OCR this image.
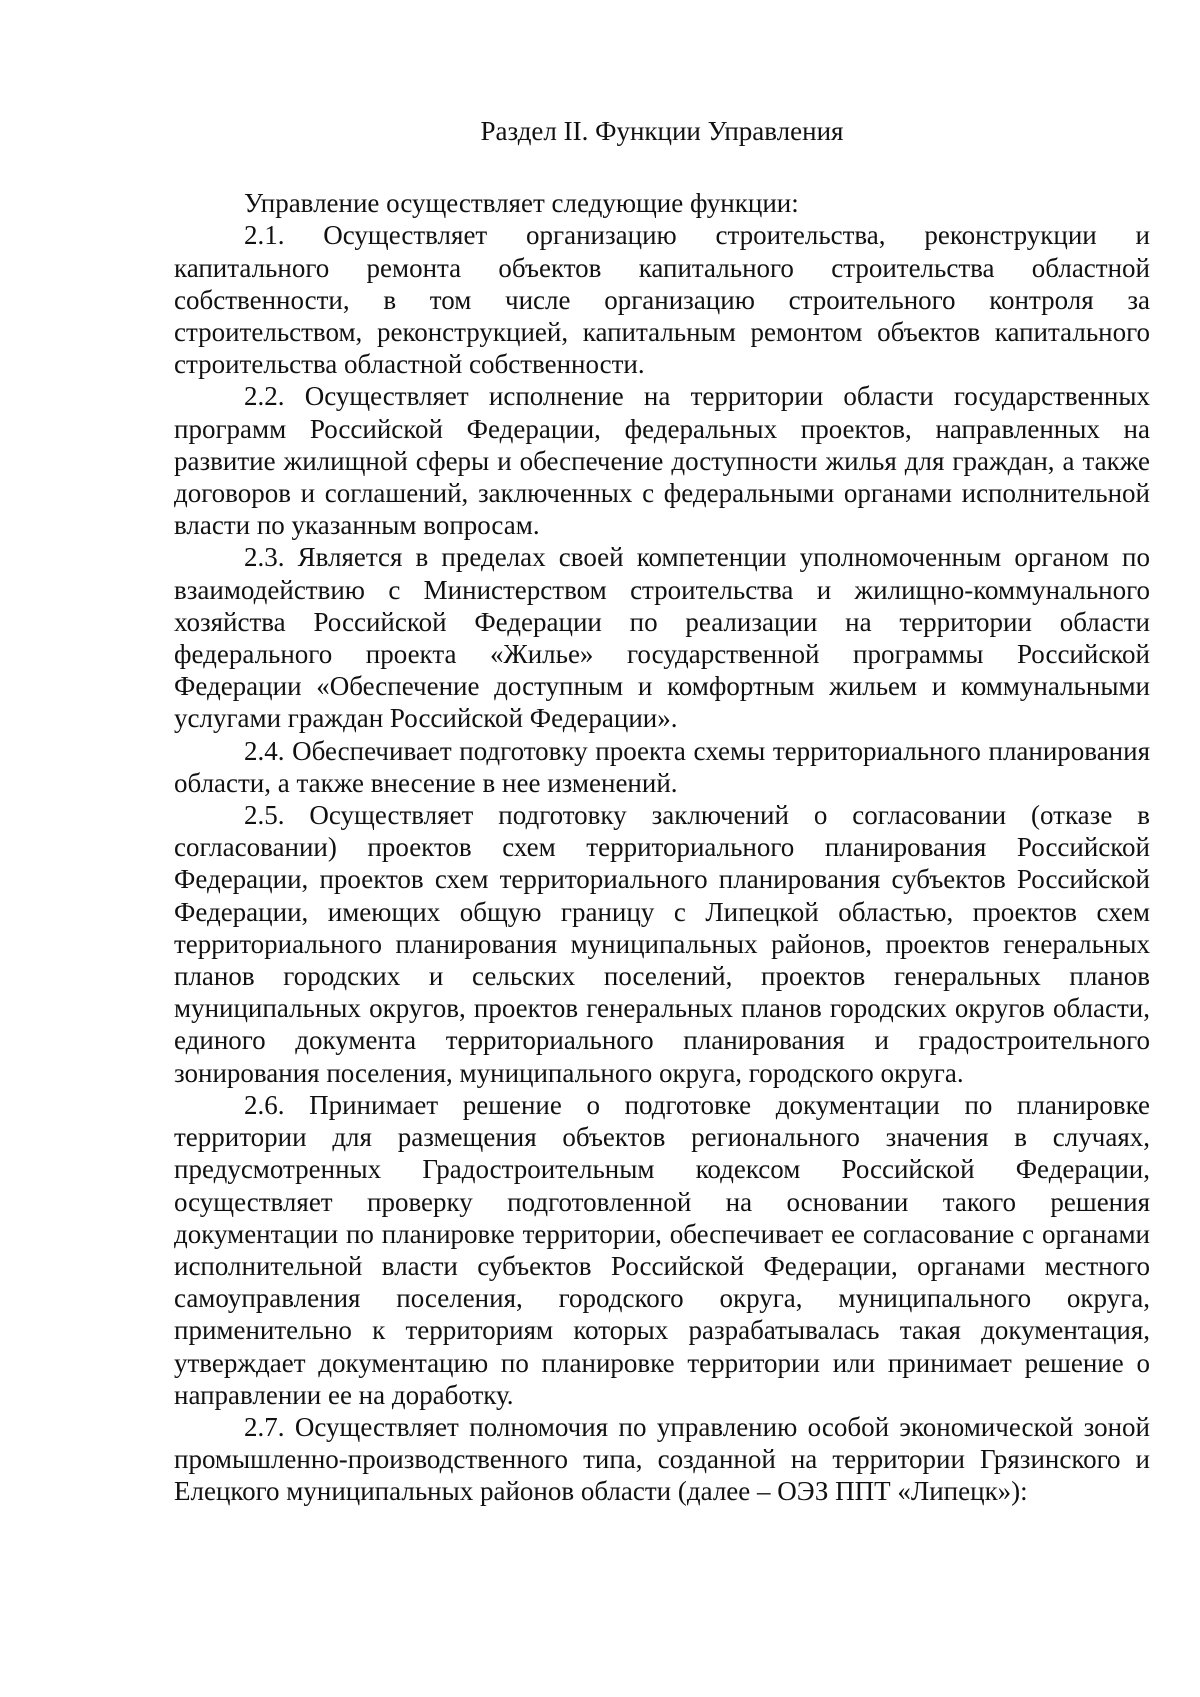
Раздел II. Функции Управления

Управление осуществляет следующие функции:

2.1. Осуществляет организацию строительства, реконструкции и капитального ремонта объектов капитального строительства областной собственности, в том числе организацию строительного контроля за строительством, реконструкцией, капитальным ремонтом объектов капитального строительства областной собственности.

2.2. Осуществляет исполнение на территории области государственных программ Российской Федерации, федеральных проектов, направленных на развитие жилищной сферы и обеспечение доступности жилья для граждан, а также договоров и соглашений, заключенных с федеральными органами исполнительной власти по указанным вопросам.

2.3. Является в пределах своей компетенции уполномоченным органом по взаимодействию с Министерством строительства и жилищно-коммунального хозяйства Российской Федерации по реализации на территории области федерального проекта «Жилье» государственной программы Российской Федерации «Обеспечение доступным и комфортным жильем и коммунальными услугами граждан Российской Федерации».

2.4. Обеспечивает подготовку проекта схемы территориального планирования области, а также внесение в нее изменений.

2.5. Осуществляет подготовку заключений о согласовании (отказе в согласовании) проектов схем территориального планирования Российской Федерации, проектов схем территориального планирования субъектов Российской Федерации, имеющих общую границу с Липецкой областью, проектов схем территориального планирования муниципальных районов, проектов генеральных планов городских и сельских поселений, проектов генеральных планов муниципальных округов, проектов генеральных планов городских округов области, единого документа территориального планирования и градостроительного зонирования поселения, муниципального округа, городского округа.

2.6. Принимает решение о подготовке документации по планировке территории для размещения объектов регионального значения в случаях, предусмотренных Градостроительным кодексом Российской Федерации, осуществляет проверку подготовленной на основании такого решения документации по планировке территории, обеспечивает ее согласование с органами исполнительной власти субъектов Российской Федерации, органами местного самоуправления поселения, городского округа, муниципального округа, применительно к территориям которых разрабатывалась такая документация, утверждает документацию по планировке территории или принимает решение о направлении ее на доработку.

2.7. Осуществляет полномочия по управлению особой экономической зоной промышленно-производственного типа, созданной на территории Грязинского и Елецкого муниципальных районов области (далее – ОЭЗ ППТ «Липецк»):
